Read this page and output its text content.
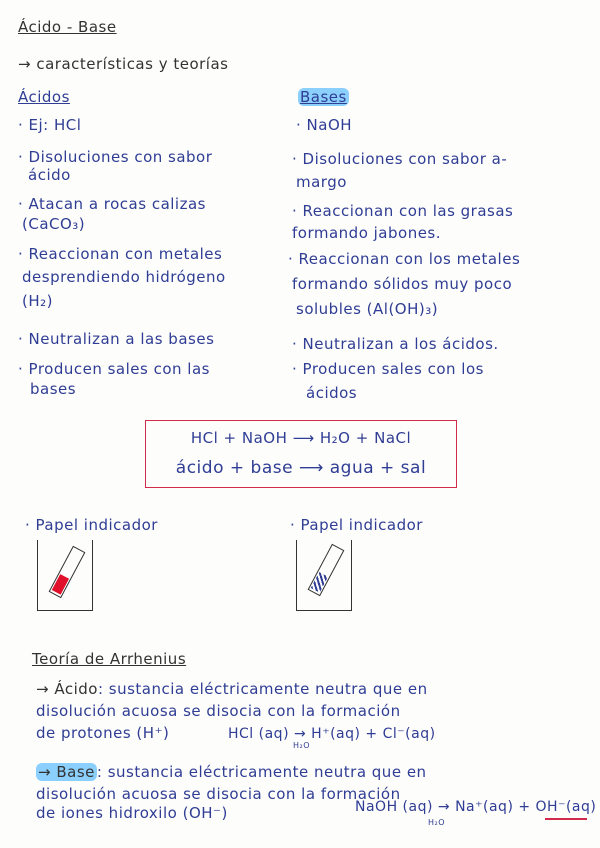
Ácido - Base
→ características y teorías
Ácidos
· Ej: HCl
· Disoluciones con sabor
ácido
· Atacan a rocas calizas
(CaCO₃)
· Reaccionan con metales
desprendiendo hidrógeno
(H₂)
· Neutralizan a las bases
· Producen sales con las
bases
Bases
· NaOH
· Disoluciones con sabor a-
margo
· Reaccionan con las grasas
formando jabones.
· Reaccionan con los metales
formando sólidos muy poco
solubles (Al(OH)₃)
· Neutralizan a los ácidos.
· Producen sales con los
ácidos
HCl + NaOH ⟶ H₂O + NaCl
ácido + base ⟶ agua + sal
· Papel indicador	· Papel indicador
Teoría de Arrhenius
→ Ácido: sustancia eléctricamente neutra que en
disolución acuosa se disocia con la formación
de protones (H⁺)	HCl (aq) → H⁺(aq) + Cl⁻(aq)
H₂O
→ Base : sustancia eléctricamente neutra que en
disolución acuosa se disocia con la formación
de iones hidroxilo (OH⁻)	NaOH (aq) → Na⁺(aq) + OH⁻(aq)
H₂O
